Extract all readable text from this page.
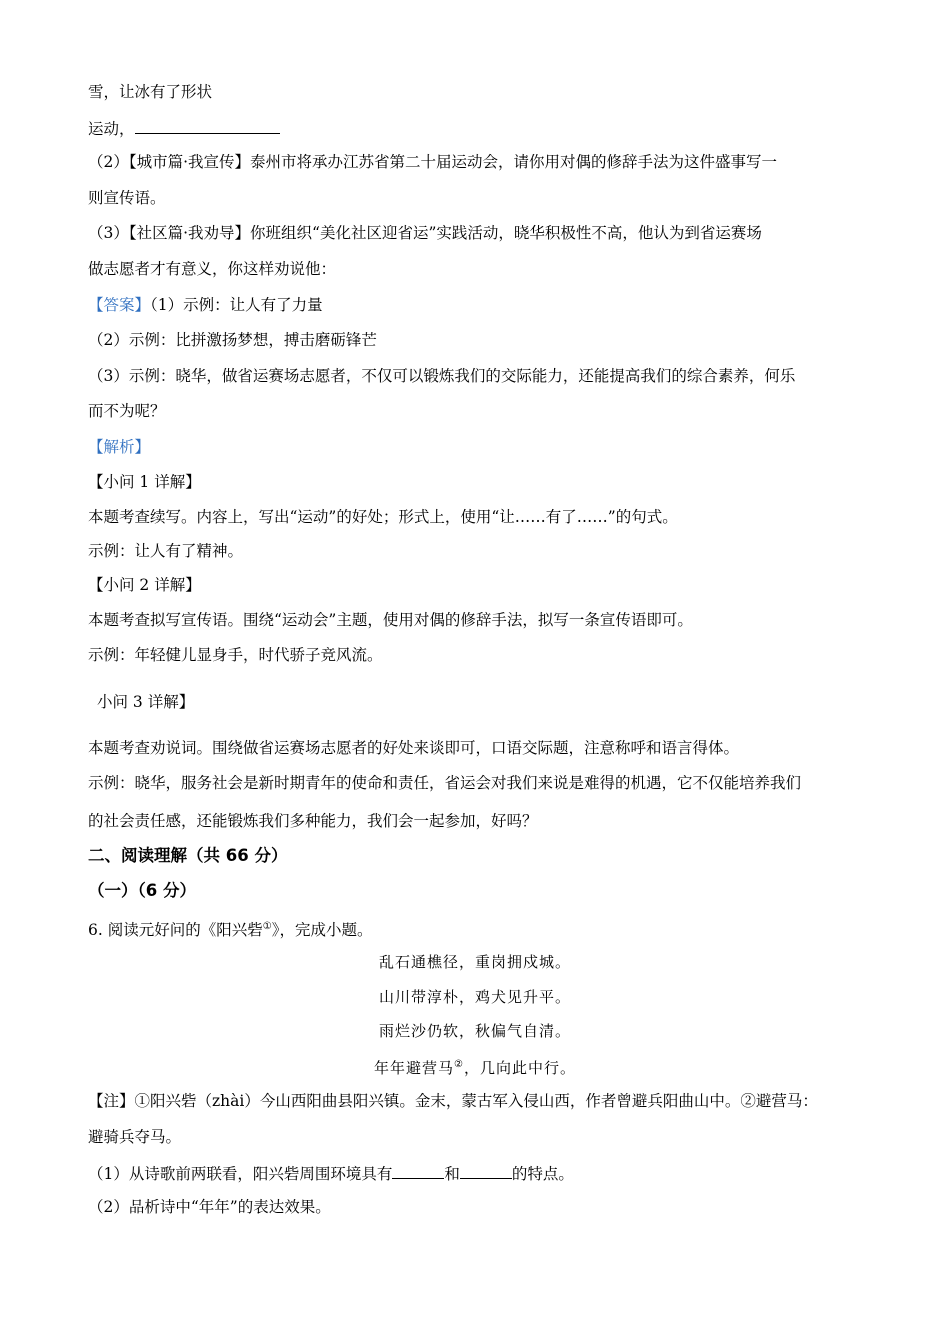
雪，让冰有了形状
运动，
（2）【城市篇·我宣传】泰州市将承办江苏省第二十届运动会，请你用对偶的修辞手法为这件盛事写一
则宣传语。
（3）【社区篇·我劝导】你班组织“美化社区迎省运”实践活动，晓华积极性不高，他认为到省运赛场
做志愿者才有意义，你这样劝说他：
【答案】（1）示例：让人有了力量
（2）示例：比拼激扬梦想，搏击磨砺锋芒
（3）示例：晓华，做省运赛场志愿者，不仅可以锻炼我们的交际能力，还能提高我们的综合素养，何乐
而不为呢？
【解析】
【小问 1 详解】
本题考查续写。内容上，写出“运动”的好处；形式上，使用“让……有了……”的句式。
示例：让人有了精神。
【小问 2 详解】
本题考查拟写宣传语。围绕“运动会”主题，使用对偶的修辞手法，拟写一条宣传语即可。
示例：年轻健儿显身手，时代骄子竞风流。
小问 3 详解】
本题考查劝说词。围绕做省运赛场志愿者的好处来谈即可，口语交际题，注意称呼和语言得体。
示例：晓华，服务社会是新时期青年的使命和责任，省运会对我们来说是难得的机遇，它不仅能培养我们
的社会责任感，还能锻炼我们多种能力，我们会一起参加，好吗？
二、阅读理解（共 66 分）
（一）（6 分）
6. 阅读元好问的《阳兴砦①》，完成小题。
乱石通樵径，重岗拥戍城。
山川带淳朴，鸡犬见升平。
雨烂沙仍软，秋偏气自清。
年年避营马②，几向此中行。
【注】①阳兴砦（zhài）今山西阳曲县阳兴镇。金末，蒙古军入侵山西，作者曾避兵阳曲山中。②避营马：
避骑兵夺马。
（1）从诗歌前两联看，阳兴砦周围环境具有	和	的特点。
（2）品析诗中“年年”的表达效果。
